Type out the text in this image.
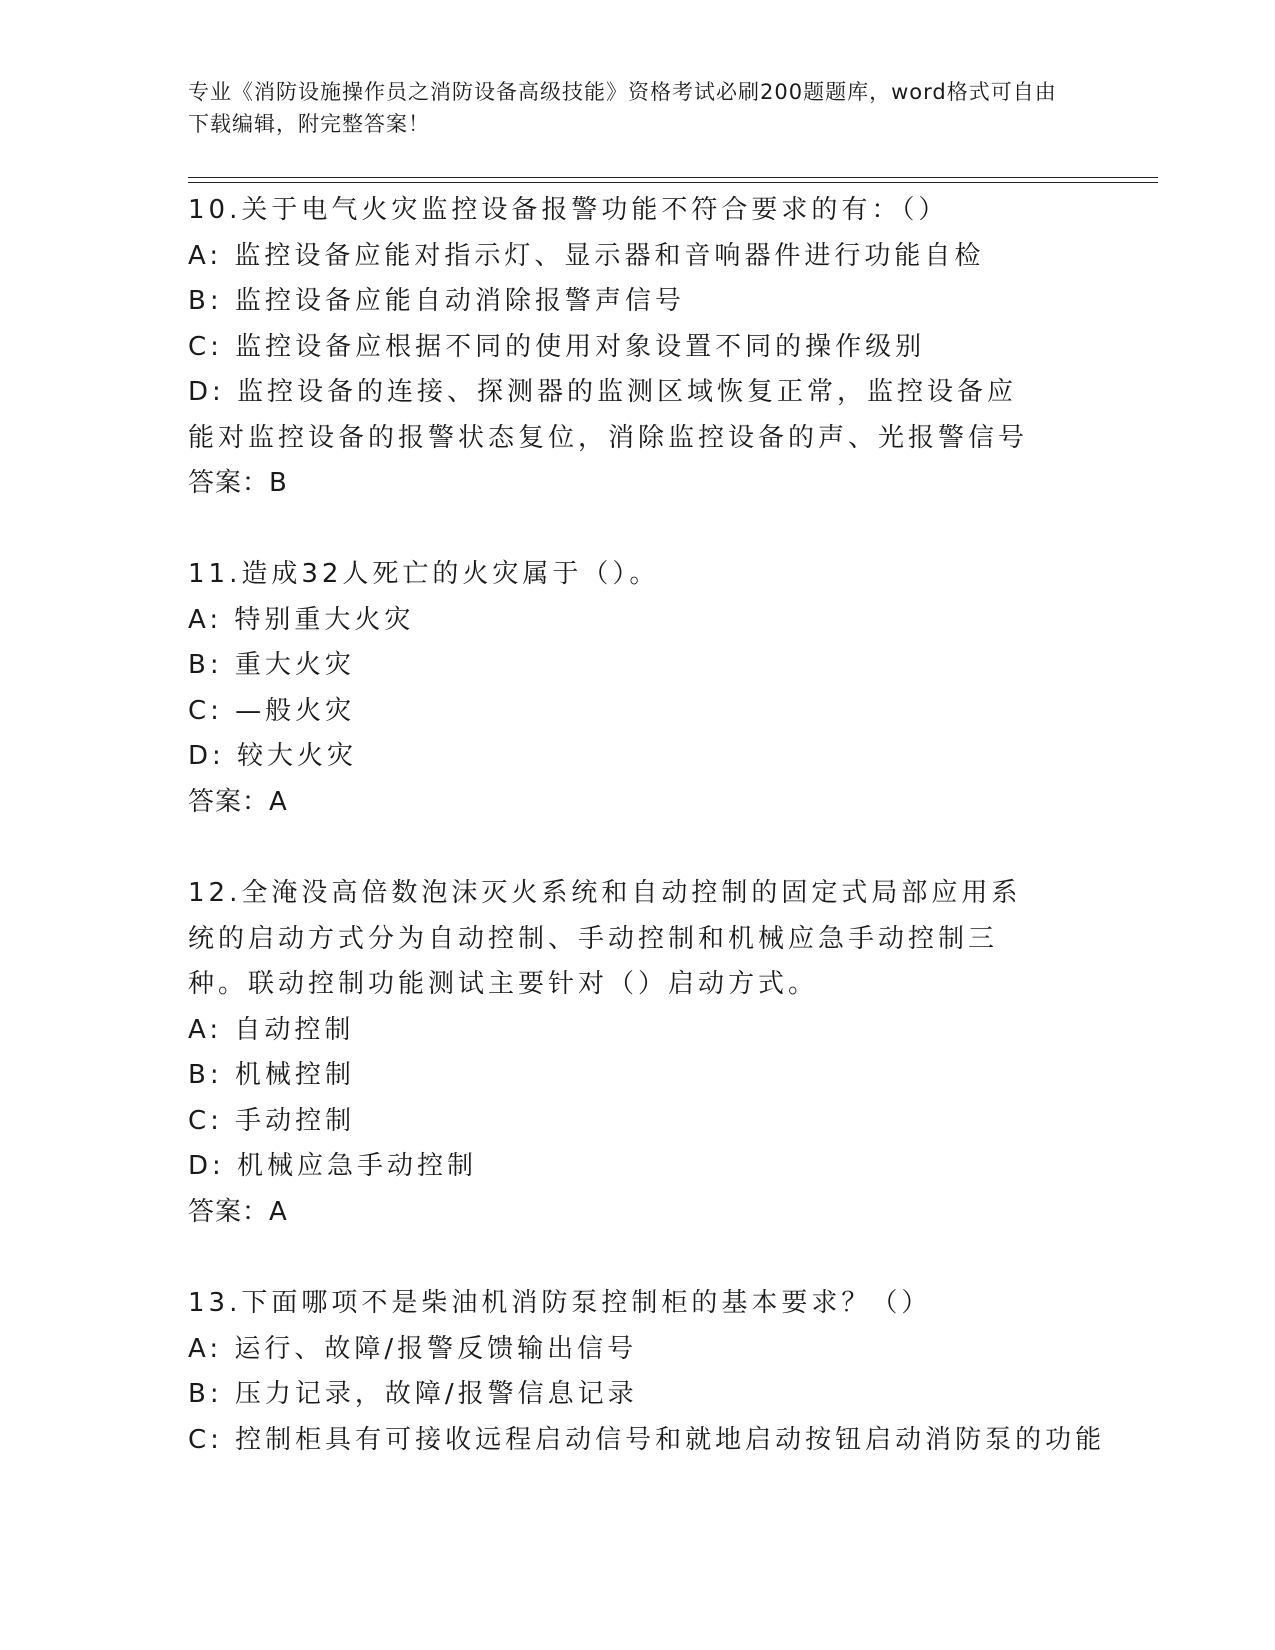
专业《消防设施操作员之消防设备高级技能》资格考试必刷200题题库，word格式可自由下载编辑，附完整答案！
10.关于电气火灾监控设备报警功能不符合要求的有：（）
A: 监控设备应能对指示灯、显示器和音响器件进行功能自检
B: 监控设备应能自动消除报警声信号
C: 监控设备应根据不同的使用对象设置不同的操作级别
D: 监控设备的连接、探测器的监测区域恢复正常，监控设备应能对监控设备的报警状态复位，消除监控设备的声、光报警信号
答案：B
11.造成32人死亡的火灾属于（）。
A: 特别重大火灾
B: 重大火灾
C: —般火灾
D: 较大火灾
答案：A
12.全淹没高倍数泡沫灭火系统和自动控制的固定式局部应用系统的启动方式分为自动控制、手动控制和机械应急手动控制三种。联动控制功能测试主要针对（）启动方式。
A: 自动控制
B: 机械控制
C: 手动控制
D: 机械应急手动控制
答案：A
13.下面哪项不是柴油机消防泵控制柜的基本要求？（）
A: 运行、故障/报警反馈输出信号
B: 压力记录，故障/报警信息记录
C: 控制柜具有可接收远程启动信号和就地启动按钮启动消防泵的功能
